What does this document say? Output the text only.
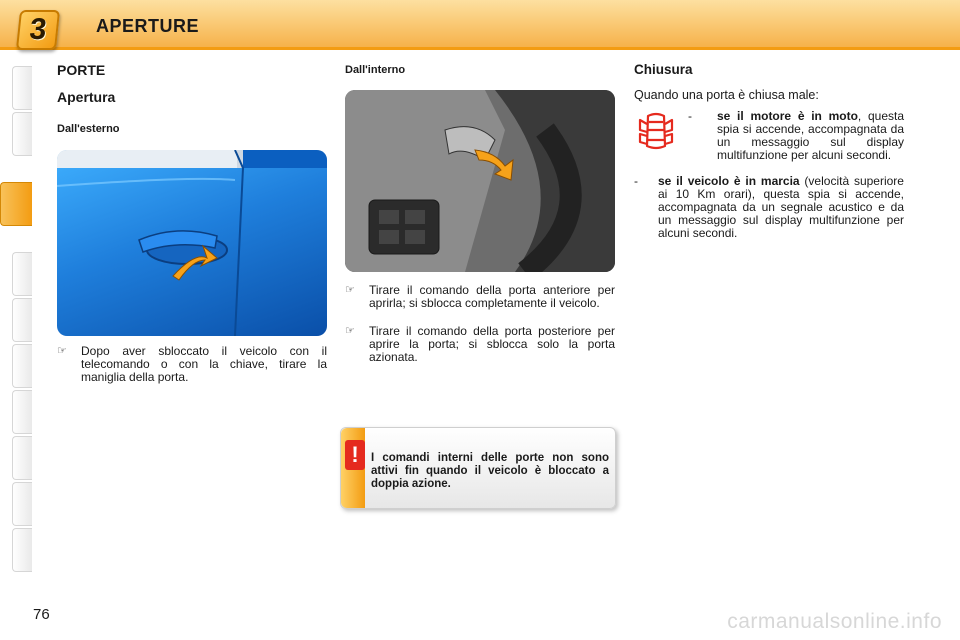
3	APERTURE
PORTE
Apertura
Dall'esterno
☞	Dopo aver sbloccato il veicolo con il telecomando o con la chiave, tirare la maniglia della porta.
Dall'interno
☞	Tirare il comando della porta anteriore per aprirla; si sblocca completamente il veicolo.
☞	Tirare il comando della porta posteriore per aprire la porta; si sblocca solo la porta azionata.
!	I comandi interni delle porte non sono attivi fin quando il veicolo è bloccato a doppia azione.
Chiusura
Quando una porta è chiusa male:
- se il motore è in moto, questa spia si accende, accompagnata da un messaggio sul display multifunzione per alcuni secondi.
- se il veicolo è in marcia (velocità superiore ai 10 Km orari), questa spia si accende, accompagnata da un segnale acustico e da un messaggio sul display multifunzione per alcuni secondi.
76	carmanualsonline.info
